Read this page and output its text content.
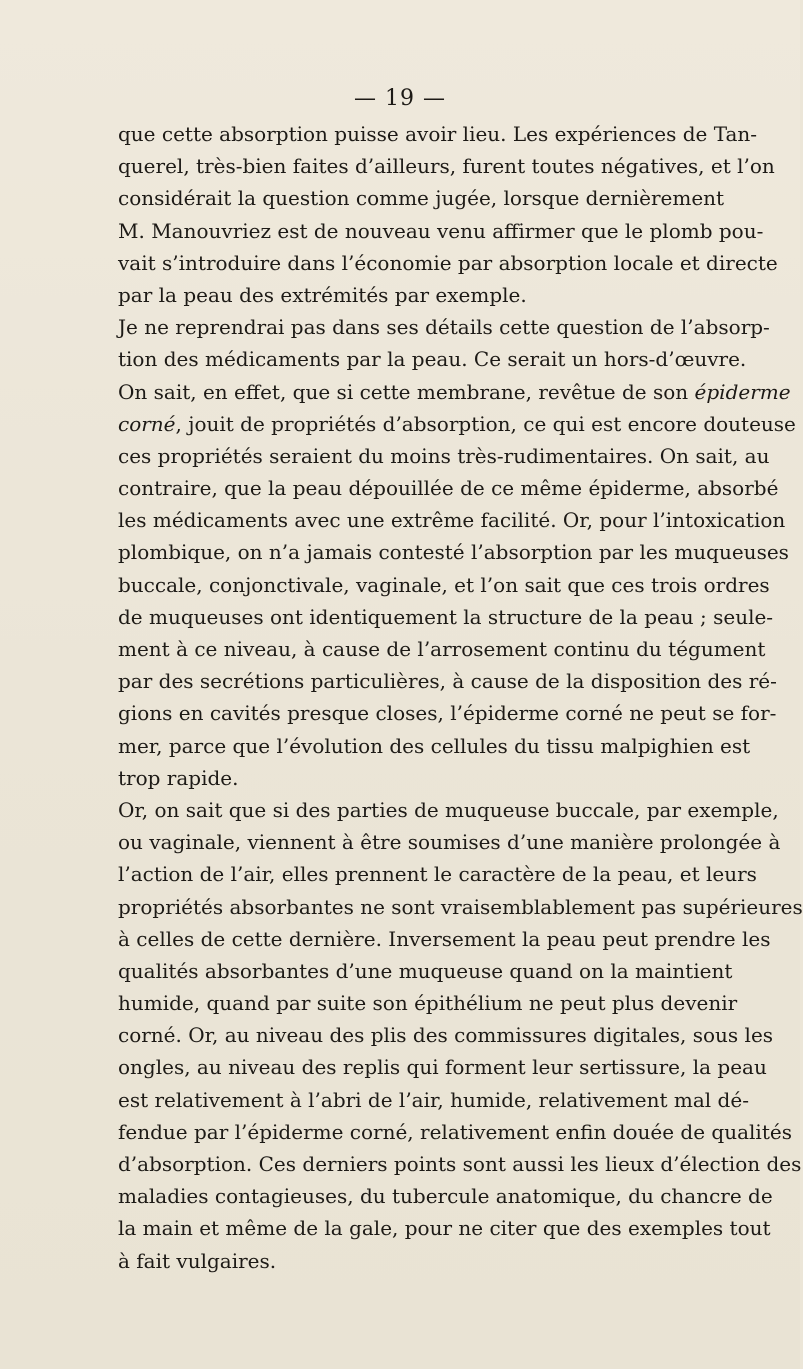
— 19 —
que cette absorption puisse avoir lieu. Les expériences de Tan-
querel, très-bien faites d’ailleurs, furent toutes négatives, et l’on
considérait la question comme jugée, lorsque dernièrement
M. Manouvriez est de nouveau venu affirmer que le plomb pou-
vait s’introduire dans l’économie par absorption locale et directe
par la peau des extrémités par exemple.
Je ne reprendrai pas dans ses détails cette question de l’absorp-
tion des médicaments par la peau. Ce serait un hors-d’œuvre.
On sait, en effet, que si cette membrane, revêtue de son épiderme
corné, jouit de propriétés d’absorption, ce qui est encore douteuse
ces propriétés seraient du moins très-rudimentaires. On sait, au
contraire, que la peau dépouillée de ce même épiderme, absorbé
les médicaments avec une extrême facilité. Or, pour l’intoxication
plombique, on n’a jamais contesté l’absorption par les muqueuses
buccale, conjonctivale, vaginale, et l’on sait que ces trois ordres
de muqueuses ont identiquement la structure de la peau ; seule-
ment à ce niveau, à cause de l’arrosement continu du tégument
par des secrétions particulières, à cause de la disposition des ré-
gions en cavités presque closes, l’épiderme corné ne peut se for-
mer, parce que l’évolution des cellules du tissu malpighien est
trop rapide.
Or, on sait que si des parties de muqueuse buccale, par exemple,
ou vaginale, viennent à être soumises d’une manière prolongée à
l’action de l’air, elles prennent le caractère de la peau, et leurs
propriétés absorbantes ne sont vraisemblablement pas supérieures
à celles de cette dernière. Inversement la peau peut prendre les
qualités absorbantes d’une muqueuse quand on la maintient
humide, quand par suite son épithélium ne peut plus devenir
corné. Or, au niveau des plis des commissures digitales, sous les
ongles, au niveau des replis qui forment leur sertissure, la peau
est relativement à l’abri de l’air, humide, relativement mal dé-
fendue par l’épiderme corné, relativement enfin douée de qualités
d’absorption. Ces derniers points sont aussi les lieux d’élection des
maladies contagieuses, du tubercule anatomique, du chancre de
la main et même de la gale, pour ne citer que des exemples tout
à fait vulgaires.
